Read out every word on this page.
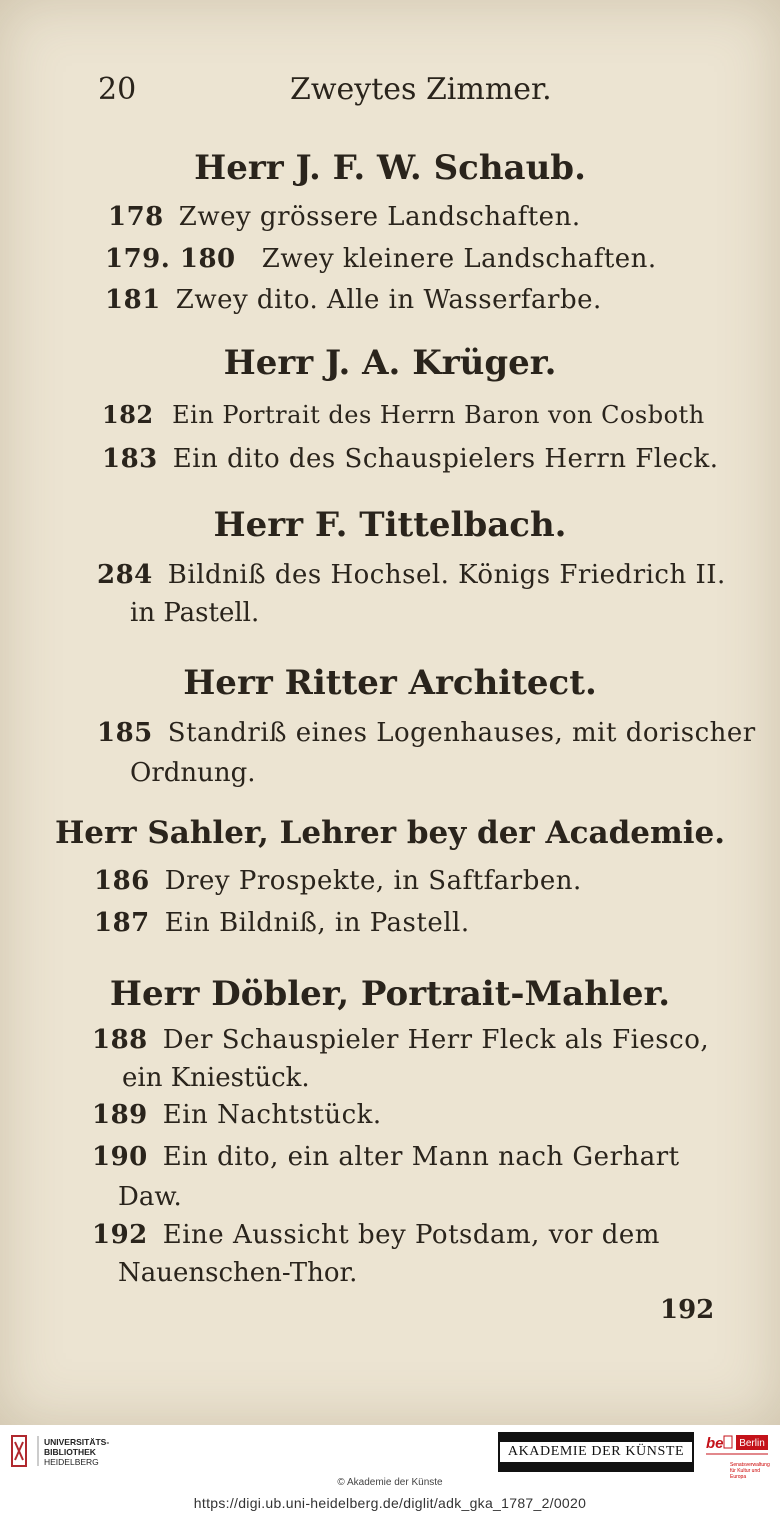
20	Zweytes Zimmer.
Herr J. F. W. Schaub.
178 Zwey grössere Landschaften.
179. 180 Zwey kleinere Landschaften.
181 Zwey dito. Alle in Wasserfarbe.
Herr J. A. Krüger.
182 Ein Portrait des Herrn Baron von Cosboth
183 Ein dito des Schauspielers Herrn Fleck.
Herr F. Tittelbach.
284 Bildniß des Hochsel. Königs Friedrich II.
in Pastell.
Herr Ritter Architect.
185 Standriß eines Logenhauses, mit dorischer
Ordnung.
Herr Sahler, Lehrer bey der Academie.
186 Drey Prospekte, in Saftfarben.
187 Ein Bildniß, in Pastell.
Herr Döbler, Portrait-Mahler.
188 Der Schauspieler Herr Fleck als Fiesco,
ein Kniestück.
189 Ein Nachtstück.
190 Ein dito, ein alter Mann nach Gerhart
Daw.
192 Eine Aussicht bey Potsdam, vor dem
Nauenschen-Thor.
192
UNIVERSITÄTS-
BIBLIOTHEK
HEIDELBERG
AKADEMIE DER KÜNSTE	be Berlin
Senatsverwaltung für Kultur und Europa
© Akademie der Künste
https://digi.ub.uni-heidelberg.de/diglit/adk_gka_1787_2/0020
